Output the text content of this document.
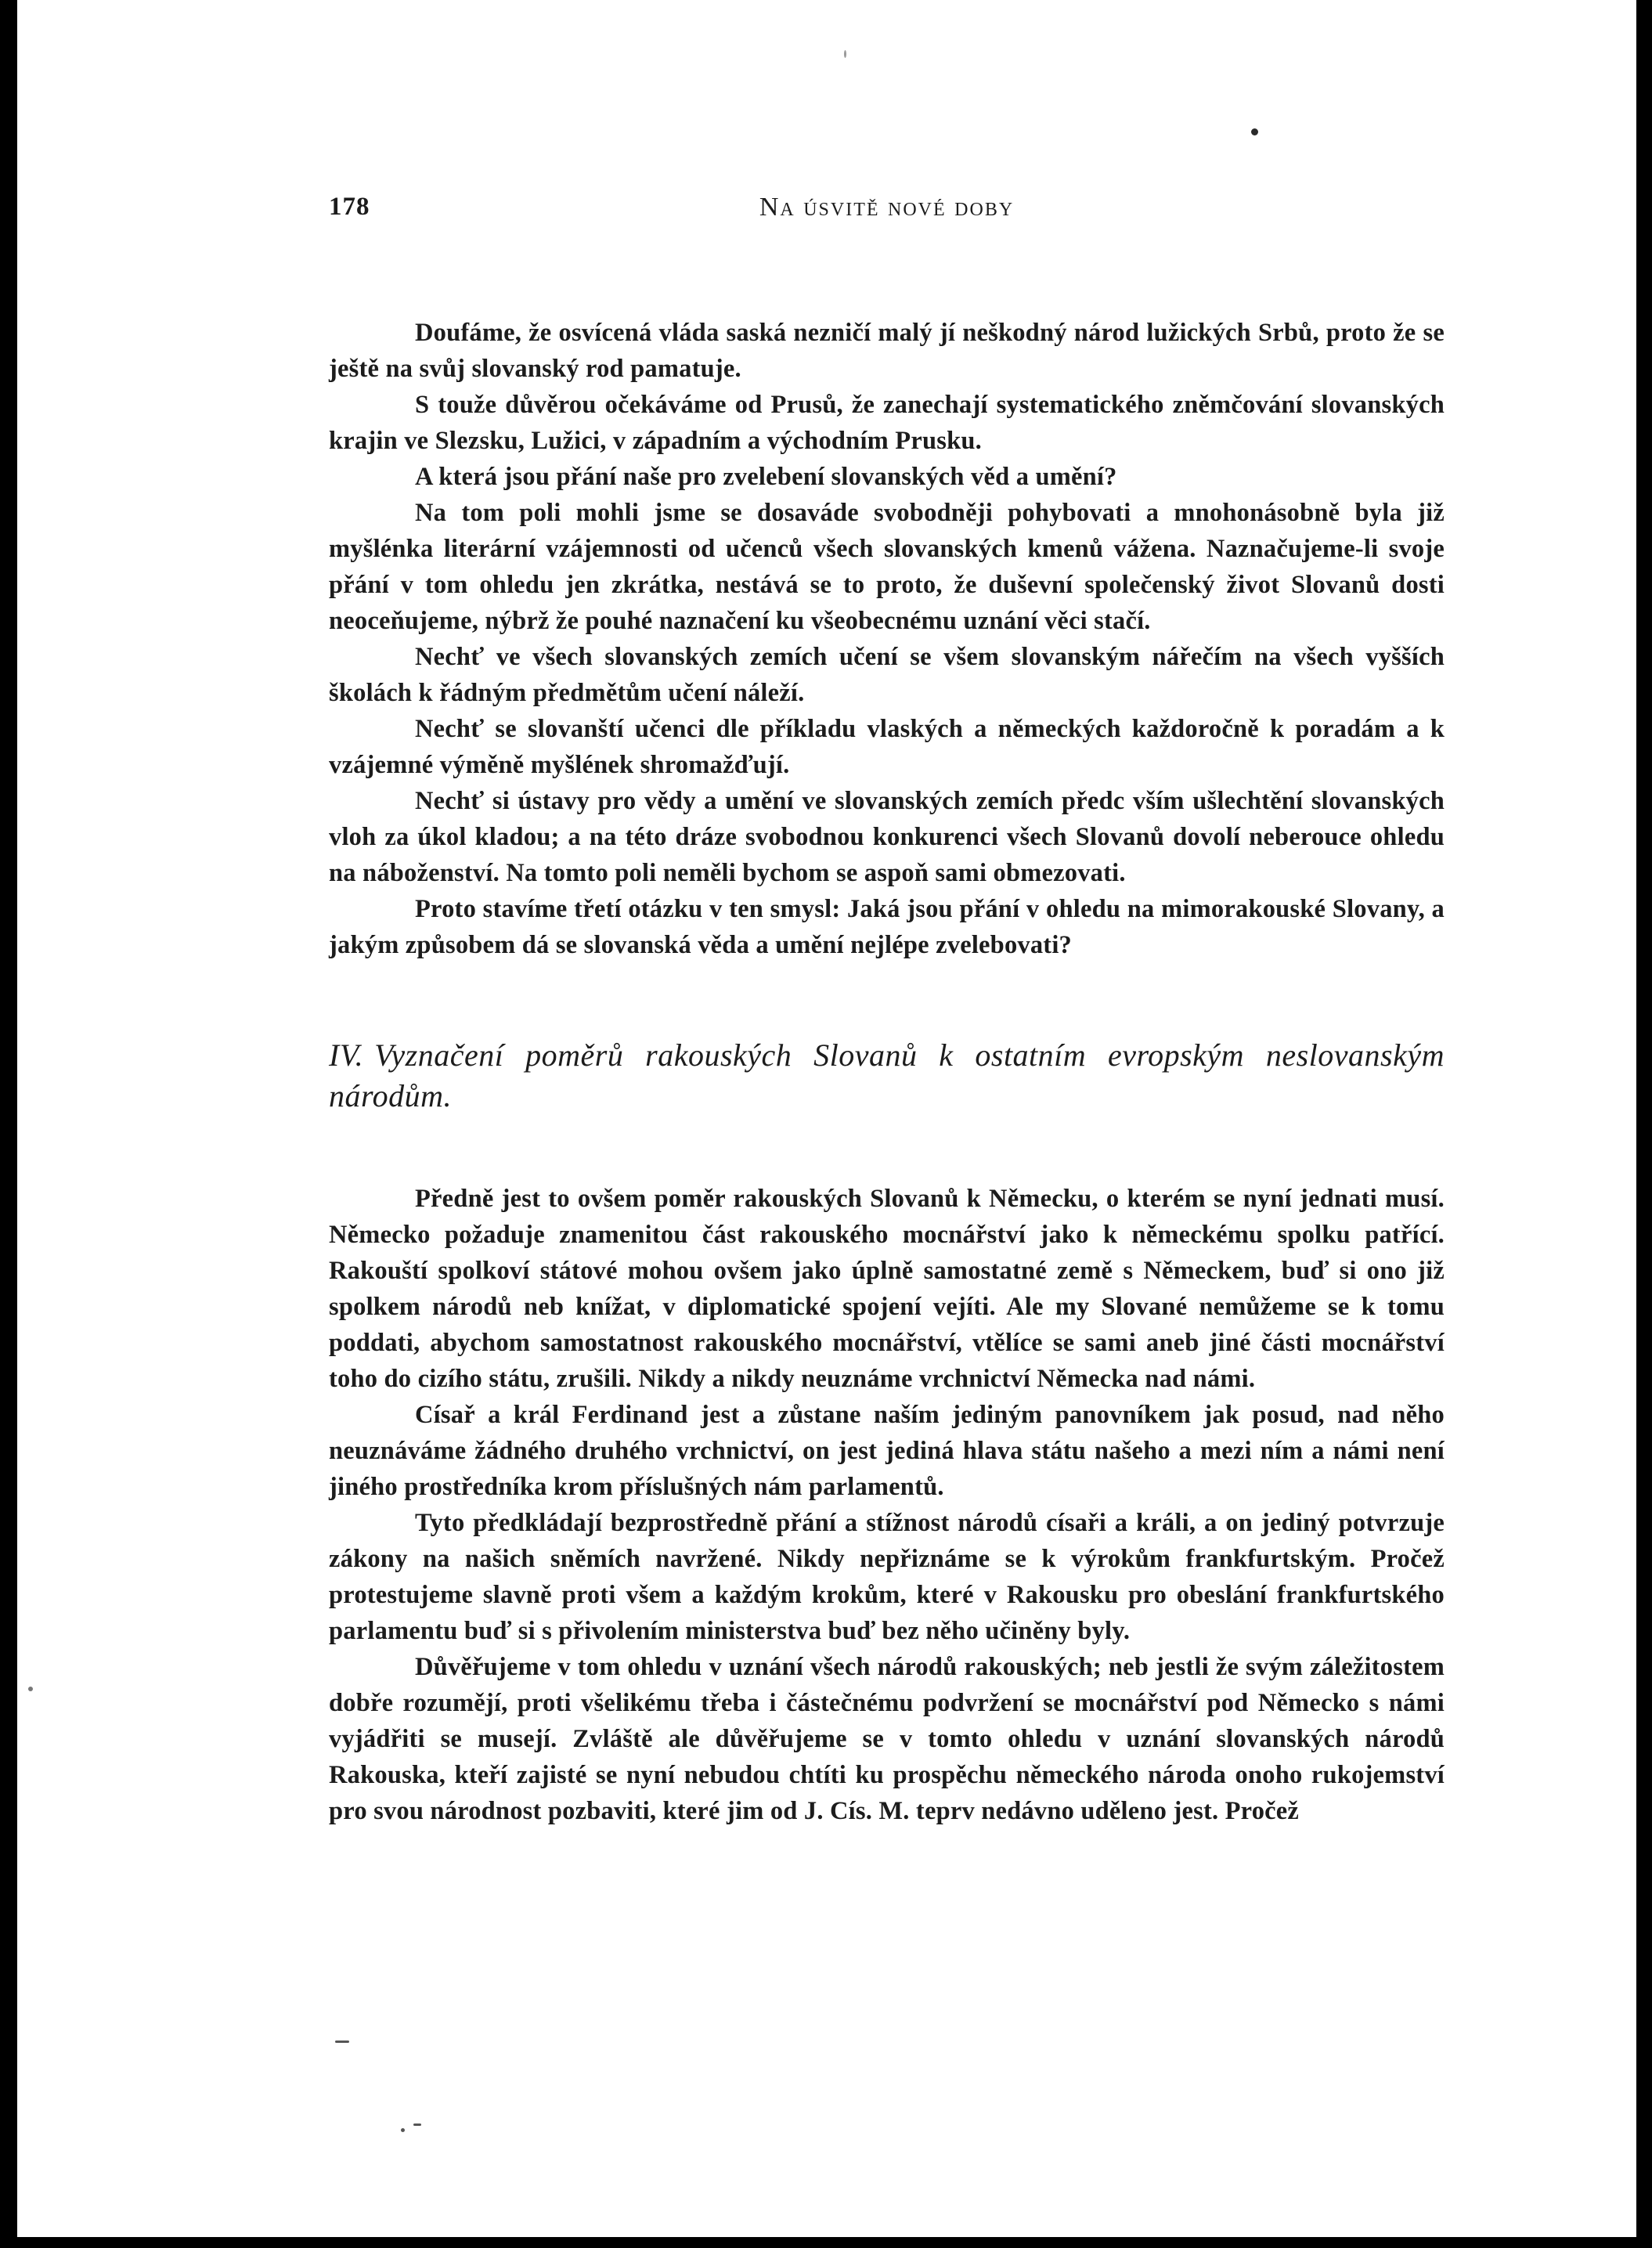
178	Na úsvitě nové doby

Doufáme, že osvícená vláda saská nezničí malý jí neškodný národ lužických Srbů, proto že se ještě na svůj slovanský rod pamatuje.

S touže důvěrou očekáváme od Prusů, že zanechají systematického zněmčování slovanských krajin ve Slezsku, Lužici, v západním a východním Prusku.

A která jsou přání naše pro zvelebení slovanských věd a umění?

Na tom poli mohli jsme se dosaváde svobodněji pohybovati a mnohonásobně byla již myšlénka literární vzájemnosti od učenců všech slovanských kmenů vážena. Naznačujeme-li svoje přání v tom ohledu jen zkrátka, nestává se to proto, že duševní společenský život Slovanů dosti neoceňujeme, nýbrž že pouhé naznačení ku všeobecnému uznání věci stačí.

Nechť ve všech slovanských zemích učení se všem slovanským nářečím na všech vyšších školách k řádným předmětům učení náleží.

Nechť se slovanští učenci dle příkladu vlaských a německých každoročně k poradám a k vzájemné výměně myšlének shromažďují.

Nechť si ústavy pro vědy a umění ve slovanských zemích předc vším ušlechtění slovanských vloh za úkol kladou; a na této dráze svobodnou konkurenci všech Slovanů dovolí neberouce ohledu na náboženství. Na tomto poli neměli bychom se aspoň sami obmezovati.

Proto stavíme třetí otázku v ten smysl: Jaká jsou přání v ohledu na mimorakouské Slovany, a jakým způsobem dá se slovanská věda a umění nejlépe zvelebovati?

IV. Vyznačení poměrů rakouských Slovanů k ostatním evropským neslovanským národům.

Předně jest to ovšem poměr rakouských Slovanů k Německu, o kterém se nyní jednati musí. Německo požaduje znamenitou část rakouského mocnářství jako k německému spolku patřící. Rakouští spolkoví státové mohou ovšem jako úplně samostatné země s Německem, buď si ono již spolkem národů neb knížat, v diplomatické spojení vejíti. Ale my Slované nemůžeme se k tomu poddati, abychom samostatnost rakouského mocnářství, vtělíce se sami aneb jiné části mocnářství toho do cizího státu, zrušili. Nikdy a nikdy neuznáme vrchnictví Německa nad námi.

Císař a král Ferdinand jest a zůstane naším jediným panovníkem jak posud, nad něho neuznáváme žádného druhého vrchnictví, on jest jediná hlava státu našeho a mezi ním a námi není jiného prostředníka krom příslušných nám parlamentů.

Tyto předkládají bezprostředně přání a stížnost národů císaři a králi, a on jediný potvrzuje zákony na našich sněmích navržené. Nikdy nepřiznáme se k výrokům frankfurtským. Pročež protestujeme slavně proti všem a každým krokům, které v Rakousku pro obeslání frankfurtského parlamentu buď si s přivolením ministerstva buď bez něho učiněny byly.

Důvěřujeme v tom ohledu v uznání všech národů rakouských; neb jestli že svým záležitostem dobře rozumějí, proti všelikému třeba i částečnému podvržení se mocnářství pod Německo s námi vyjádřiti se musejí. Zvláště ale důvěřujeme se v tomto ohledu v uznání slovanských národů Rakouska, kteří zajisté se nyní nebudou chtíti ku prospěchu německého národa onoho rukojemství pro svou národnost pozbaviti, které jim od J. Cís. M. teprv nedávno uděleno jest. Pročež
